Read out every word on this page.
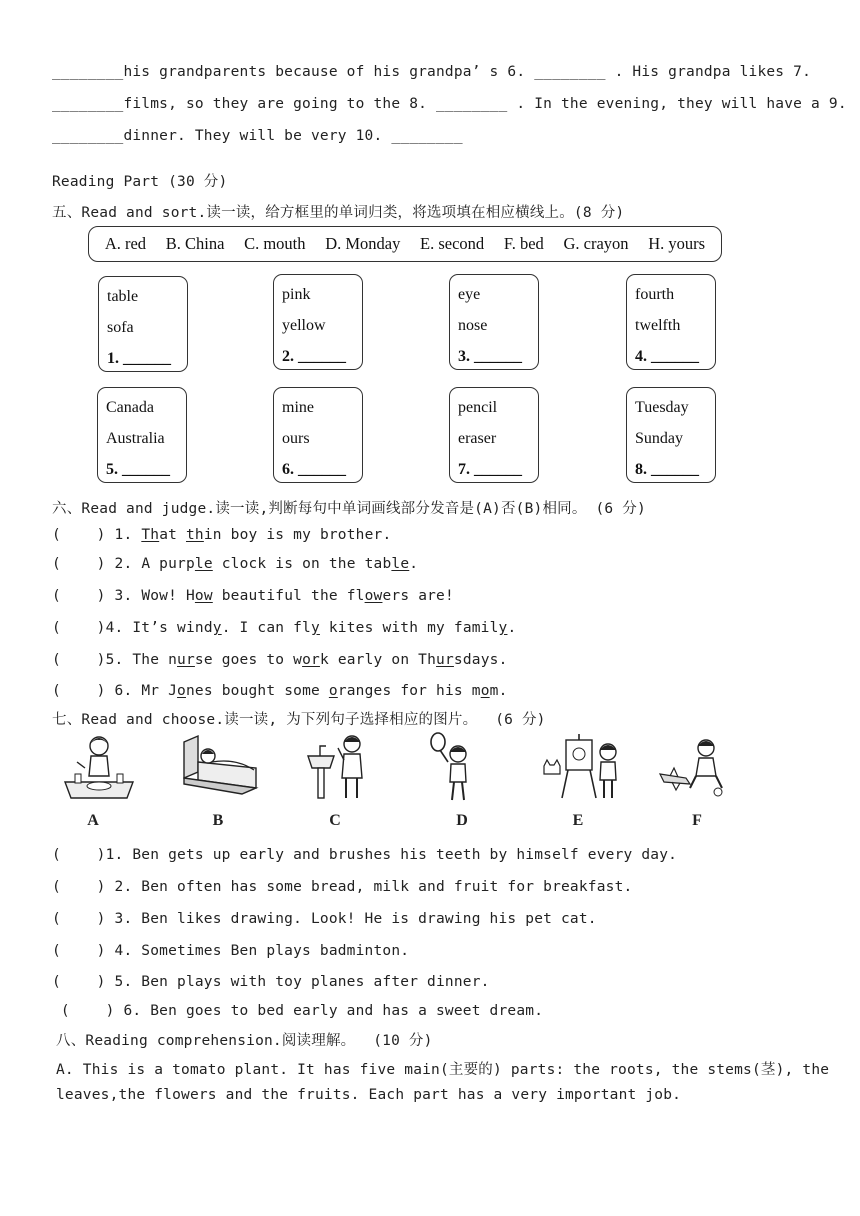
________his grandparents because of his grandpa’ s 6. ________ . His grandpa likes 7.
________films, so they are going to the 8. ________ . In the evening, they will have a 9.
________dinner. They will be very 10. ________
Reading Part (30 分)
五、Read and sort.读一读，给方框里的单词归类，将选项填在相应横线上。(8 分)
A. red B. China C. mouth D. Monday E. second F. bed G. crayon H. yours
table
sofa
1. ______
pink
yellow
2. ______
eye
nose
3. ______
fourth
twelfth
4. ______
Canada
Australia
5. ______
mine
ours
6. ______
pencil
eraser
7. ______
Tuesday
Sunday
8. ______
六、Read and judge.读一读,判断每句中单词画线部分发音是(A)否(B)相同。 (6 分)
(    ) 1. That thin boy is my brother.
(    ) 2. A purple clock is on the table.
(    ) 3. Wow! How beautiful the flowers are!
(    )4. It’s windy. I can fly kites with my family.
(    )5. The nurse goes to work early on Thursdays.
(    ) 6. Mr Jones bought some oranges for his mom.
七、Read and choose.读一读, 为下列句子选择相应的图片。  (6 分)
A	B	C	D	E	F
(    )1. Ben gets up early and brushes his teeth by himself every day.
(    ) 2. Ben often has some bread, milk and fruit for breakfast.
(    ) 3. Ben likes drawing. Look! He is drawing his pet cat.
(    ) 4. Sometimes Ben plays badminton.
(    ) 5. Ben plays with toy planes after dinner.
(    ) 6. Ben goes to bed early and has a sweet dream.
八、Reading comprehension.阅读理解。  (10 分)
A. This is a tomato plant. It has five main(主要的) parts: the roots, the stems(茎), the
leaves,the flowers and the fruits. Each part has a very important job.
